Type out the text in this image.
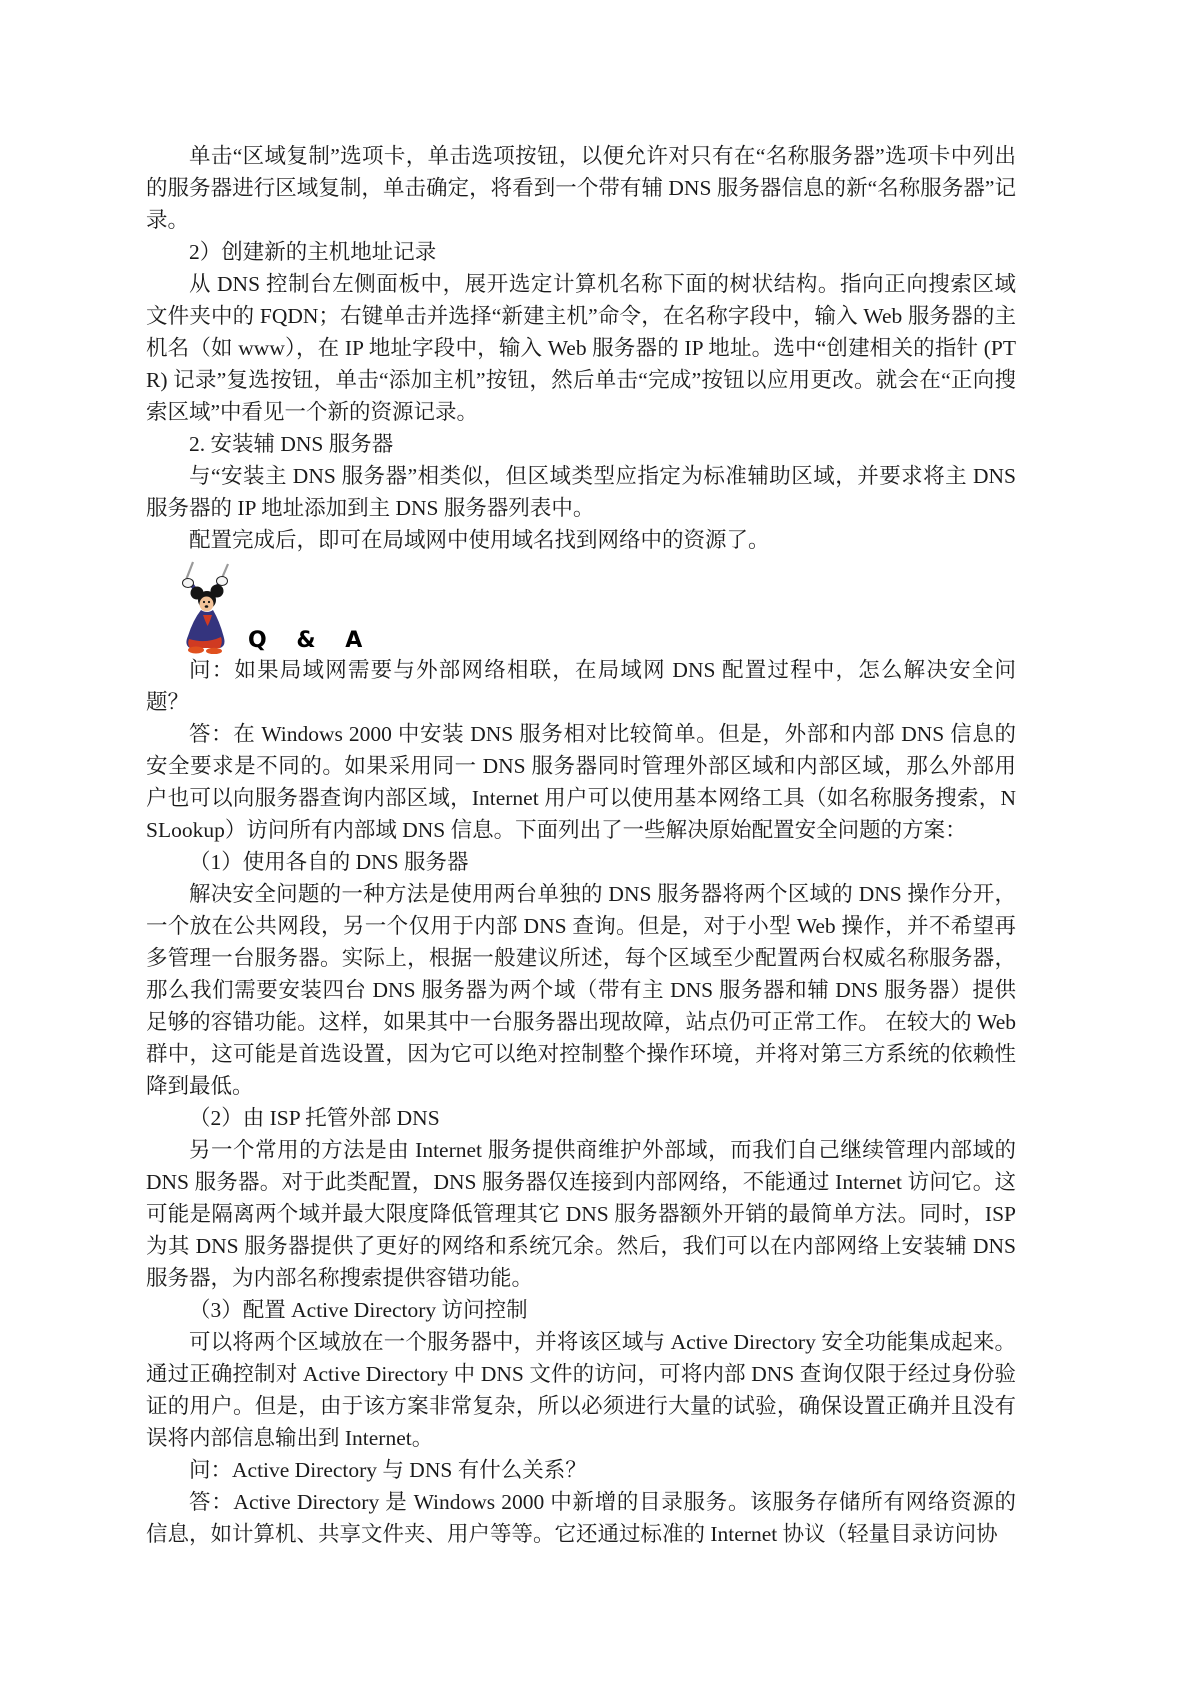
单击“区域复制”选项卡，单击选项按钮，以便允许对只有在“名称服务器”选项卡中列出的服务器进行区域复制，单击确定，将看到一个带有辅 DNS 服务器信息的新“名称服务器”记录。

2）创建新的主机地址记录

从 DNS 控制台左侧面板中，展开选定计算机名称下面的树状结构。指向正向搜索区域文件夹中的 FQDN；右键单击并选择“新建主机”命令，在名称字段中，输入 Web 服务器的主机名（如 www），在 IP 地址字段中，输入 Web 服务器的 IP 地址。选中“创建相关的指针 (PTR) 记录”复选按钮，单击“添加主机”按钮，然后单击“完成”按钮以应用更改。就会在“正向搜索区域”中看见一个新的资源记录。

2. 安装辅 DNS 服务器

与“安装主 DNS 服务器”相类似，但区域类型应指定为标准辅助区域，并要求将主 DNS 服务器的 IP 地址添加到主 DNS 服务器列表中。

配置完成后，即可在局域网中使用域名找到网络中的资源了。

Q & A

问：如果局域网需要与外部网络相联，在局域网 DNS 配置过程中，怎么解决安全问题？

答：在 Windows 2000 中安装 DNS 服务相对比较简单。但是，外部和内部 DNS 信息的安全要求是不同的。如果采用同一 DNS 服务器同时管理外部区域和内部区域，那么外部用户也可以向服务器查询内部区域，Internet 用户可以使用基本网络工具（如名称服务搜索，NSLookup）访问所有内部域 DNS 信息。下面列出了一些解决原始配置安全问题的方案：

（1）使用各自的 DNS 服务器

解决安全问题的一种方法是使用两台单独的 DNS 服务器将两个区域的 DNS 操作分开，一个放在公共网段，另一个仅用于内部 DNS 查询。但是，对于小型 Web 操作，并不希望再多管理一台服务器。实际上，根据一般建议所述，每个区域至少配置两台权威名称服务器，那么我们需要安装四台 DNS 服务器为两个域（带有主 DNS 服务器和辅 DNS 服务器）提供足够的容错功能。这样，如果其中一台服务器出现故障，站点仍可正常工作。 在较大的 Web 群中，这可能是首选设置，因为它可以绝对控制整个操作环境，并将对第三方系统的依赖性降到最低。

（2）由 ISP 托管外部 DNS

另一个常用的方法是由 Internet 服务提供商维护外部域，而我们自己继续管理内部域的 DNS 服务器。对于此类配置，DNS 服务器仅连接到内部网络，不能通过 Internet 访问它。这可能是隔离两个域并最大限度降低管理其它 DNS 服务器额外开销的最简单方法。同时，ISP 为其 DNS 服务器提供了更好的网络和系统冗余。然后，我们可以在内部网络上安装辅 DNS 服务器，为内部名称搜索提供容错功能。

（3）配置 Active Directory 访问控制

可以将两个区域放在一个服务器中，并将该区域与 Active Directory 安全功能集成起来。通过正确控制对 Active Directory 中 DNS 文件的访问，可将内部 DNS 查询仅限于经过身份验证的用户。但是，由于该方案非常复杂，所以必须进行大量的试验，确保设置正确并且没有误将内部信息输出到 Internet。

问：Active Directory 与 DNS 有什么关系？

答：Active Directory 是 Windows 2000 中新增的目录服务。该服务存储所有网络资源的信息，如计算机、共享文件夹、用户等等。它还通过标准的 Internet 协议（轻量目录访问协
